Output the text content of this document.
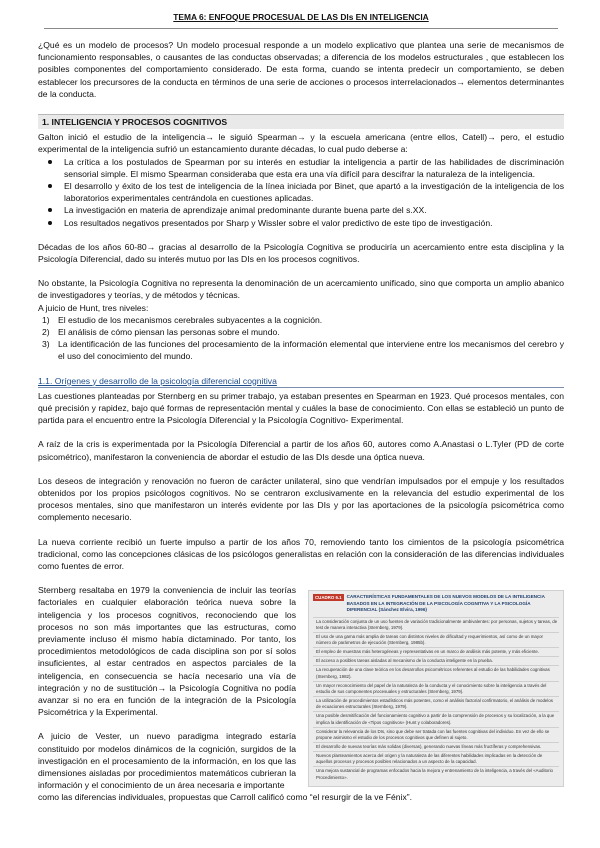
TEMA 6: ENFOQUE PROCESUAL DE LAS DIs EN INTELIGENCIA

¿Qué es un modelo de procesos? Un modelo procesual responde a un modelo explicativo que plantea una serie de mecanismos de funcionamiento responsables, o causantes de las conductas observadas; a diferencia de los modelos estructurales , que establecen los posibles componentes del comportamiento considerado. De esta forma, cuando se intenta predecir un comportamiento, se deben establecer los precursores de la conducta en términos de una serie de acciones o procesos interrelacionados→ elementos determinantes de la conducta.

1. INTELIGENCIA Y PROCESOS COGNITIVOS

Galton inició el estudio de la inteligencia→ le siguió Spearman→ y la escuela americana (entre ellos, Catell)→ pero, el estudio experimental de la inteligencia sufrió un estancamiento durante décadas, lo cual pudo deberse a:

La crítica a los postulados de Spearman por su interés en estudiar la inteligencia a partir de las habilidades de discriminación sensorial simple. El mismo Spearman consideraba que esta era una vía difícil para descifrar la naturaleza de la inteligencia.
El desarrollo y éxito de los test de inteligencia de la línea iniciada por Binet, que apartó a la investigación de la inteligencia de los laboratorios experimentales centrándola en cuestiones aplicadas.
La investigación en materia de aprendizaje animal predominante durante buena parte del s.XX.
Los resultados negativos presentados por Sharp y Wissler sobre el valor predictivo de este tipo de investigación.

Décadas de los años 60-80→ gracias al desarrollo de la Psicología Cognitiva se produciría un acercamiento entre esta disciplina y la Psicología Diferencial, dado su interés mutuo por las DIs en los procesos cognitivos.

No obstante, la Psicología Cognitiva no representa la denominación de un acercamiento unificado, sino que comporta un amplio abanico de investigadores y teorías, y de métodos y técnicas.

A juicio de Hunt, tres niveles:

1) El estudio de los mecanismos cerebrales subyacentes a la cognición.
2) El análisis de cómo piensan las personas sobre el mundo.
3) La identificación de las funciones del procesamiento de la información elemental que interviene entre los mecanismos del cerebro y el uso del conocimiento del mundo.
1.1. Orígenes y desarrollo de la psicología diferencial cognitiva

Las cuestiones planteadas por Sternberg en su primer trabajo, ya estaban presentes en Spearman en 1923. Qué procesos mentales, con qué precisión y rapidez, bajo qué formas de representación mental y cuáles la base de conocimiento. Con ellas se estableció un punto de partida para el encuentro entre la Psicología Diferencial y la Psicología Cognitivo- Experimental.

A raíz de la cris is experimentada por la Psicología Diferencial a partir de los años 60, autores como A.Anastasi o L.Tyler (PD de corte psicométrico), manifestaron la conveniencia de abordar el estudio de las DIs desde una óptica nueva.

Los deseos de integración y renovación no fueron de carácter unilateral, sino que vendrían impulsados por el empuje y los resultados obtenidos por los propios psicólogos cognitivos. No se centraron exclusivamente en la relevancia del estudio experimental de los procesos mentales, sino que manifestaron un interés evidente por las DIs y por las aportaciones de la psicología psicométrica como complemento necesario.

La nueva corriente recibió un fuerte impulso a partir de los años 70, removiendo tanto los cimientos de la psicología psicométrica tradicional, como las concepciones clásicas de los psicólogos generalistas en relación con la consideración de las diferencias individuales como fuentes de error.

Sternberg resaltaba en 1979 la conveniencia de incluir las teorías factoriales en cualquier elaboración teórica nueva sobre la inteligencia y los procesos cognitivos, reconociendo que los procesos no son más importantes que las estructuras, como previamente incluso él mismo había dictaminado. Por tanto, los procedimientos metodológicos de cada disciplina son por sí solos insuficientes, al estar centrados en aspectos parciales de la inteligencia, en consecuencia se hacía necesario una vía de integración y no de sustitución→ la Psicología Cognitiva no podía avanzar si no era en función de la integración de la Psicología Psicométrica y la Experimental.

A juicio de Vester, un nuevo paradigma integrado estaría constituido por modelos dinámicos de la cognición, surgidos de la investigación en el procesamiento de la información, en los que las dimensiones aisladas por procedimientos matemáticos cubrieran la información y el conocimiento de un área necesaria e importante

CUADRO 6.1	CARACTERÍSTICAS FUNDAMENTALES DE LOS NUEVOS MODELOS DE LA INTELIGENCIA BASADOS EN LA INTEGRACIÓN DE LA PSICOLOGÍA COGNITIVA Y LA PSICOLOGÍA DIFERENCIAL (Sánchez Elvira, 1996)
La consideración conjunta de un uso fuentes de variación tradicionalmente ambivalentes: por personas, sujetos y tareas, de test de manera interactiva (Sternberg, 1979).
El uso de una gama más amplia de tareas con distintos niveles de dificultad y requerimientos, así como de un mayor número de parámetros de ejecución (Sternberg, 1985b).
El empleo de muestras más heterogéneas y representativas en un marco de análisis más potente, y más eficiente.
El acceso a posibles tareas aisladas al mecanismo de la conducta inteligente en la prueba.
La recuperación de una clave teórica en los desarrollos psicométricos referentes al estudio de las habilidades cognitivas (Sternberg, 1982).
Un mayor reconocimiento del papel de la naturaleza de la conducta y el conocimiento sobre la inteligencia a través del estudio de sus componentes procesuales y estructurales (Sternberg, 1979).
La utilización de procedimientos estadísticos más potentes, como el análisis factorial confirmatorio, el análisis de modelos de ecuaciones estructurales (Sternberg, 1979).
Una posible desmitificación del funcionamiento cognitivo a partir de la comprensión de procesos y su localización, a la que implica la identificación de «Tipos cognitivos» (Hunt y colaboradores).
Considerar la relevancia de los DIs, sino que debe ser tratada con las fuentes cognitivas del individuo. En vez de ello se propone asimismo el estudio de los procesos cognitivos que definen al sujeto.
El desarrollo de nuevas teorías más solidas (diversas), generando nuevas líneas más fructíferas y comprehensivas.
Nuevos planteamientos acerca del origen y la naturaleza de las diferentes habilidades implicadas en la detección de aquellos procesos y procesos posibles relacionados a un aspecto de la capacidad.
Una mejora sustancial de programas enfocados hacia la mejora y entrenamiento de la inteligencia, a través del «Auditorio Procedimiento».

como las diferencias individuales, propuestas que Carroll calificó como “el resurgir de la ve Fénix”.
